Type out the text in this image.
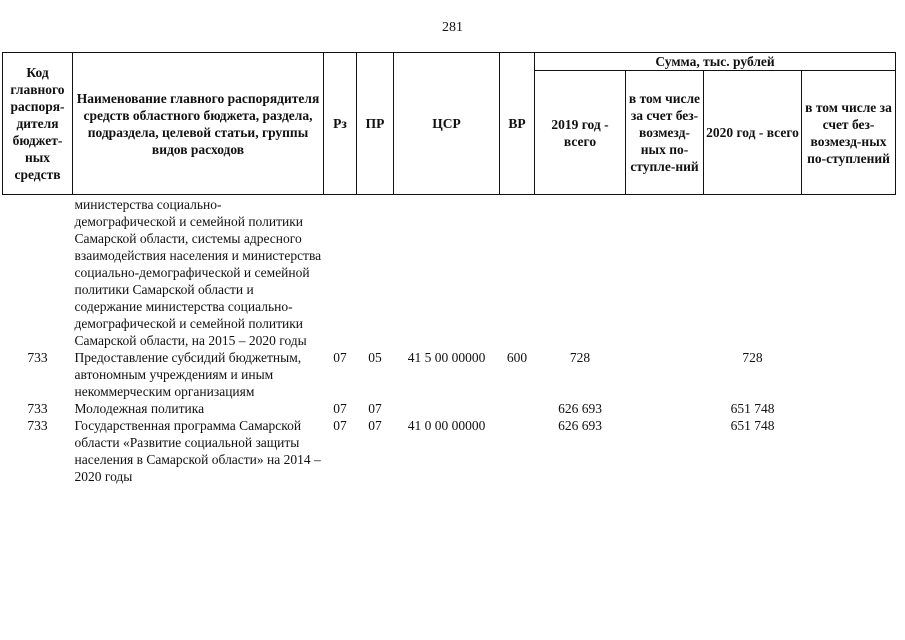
281
Код главного распоря-дителя бюджет-ных средств	Наименование главного распорядителя средств областного бюджета, раздела, подраздела, целевой статьи, группы видов расходов	Рз	ПР	ЦСР	ВР	Сумма, тыс. рублей			
						2019 год - всего	в том числе за счет без-возмезд-ных по-ступле-ний	2020 год - всего	в том числе за счет без-возмезд-ных по-ступлений
	министерства социально-демографической и семейной политики Самарской области, системы адресного взаимодействия населения и министерства социально-демографической и семейной политики Самарской области и содержание министерства социально-демографической и семейной политики Самарской области, на 2015 – 2020 годы								
733	Предоставление субсидий бюджетным, автономным учреждениям и иным некоммерческим организациям	07	05	41 5 00 00000	600	728		728	
733	Молодежная политика	07	07			626 693		651 748	
733	Государственная программа Самарской области «Развитие социальной защиты населения в Самарской области» на 2014 – 2020 годы	07	07	41 0 00 00000		626 693		651 748	
